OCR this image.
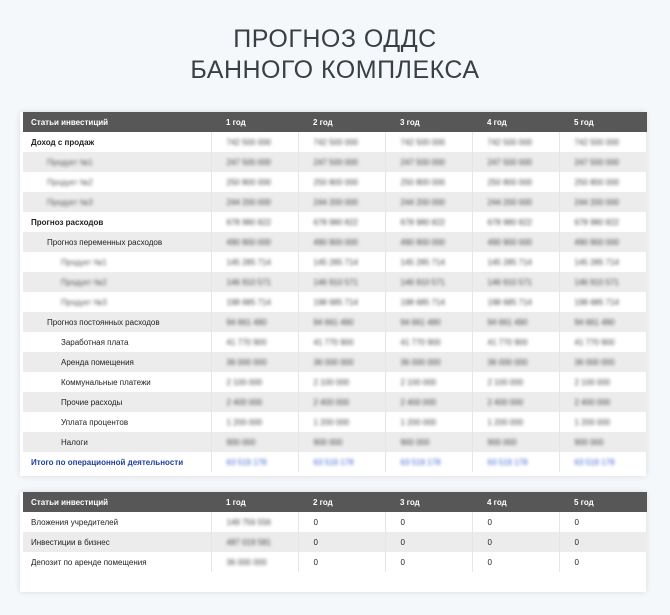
ПРОГНОЗ ОДДС
БАННОГО КОМПЛЕКСА
Статьи инвестиций	1 год	2 год	3 год	4 год	5 год
Доход с продаж	742 500 000	742 500 000	742 500 000	742 500 000	742 500 000
Продукт №1	247 500 000	247 500 000	247 500 000	247 500 000	247 500 000
Продукт №2	250 800 000	250 800 000	250 800 000	250 800 000	250 800 000
Продукт №3	244 200 000	244 200 000	244 200 000	244 200 000	244 200 000
Прогноз расходов	678 980 822	678 980 822	678 980 822	678 980 822	678 980 822
Прогноз переменных расходов	490 900 000	490 900 000	490 900 000	490 900 000	490 900 000
Продукт №1	145 285 714	145 285 714	145 285 714	145 285 714	145 285 714
Продукт №2	146 910 571	146 910 571	146 910 571	146 910 571	146 910 571
Продукт №3	198 685 714	198 685 714	198 685 714	198 685 714	198 685 714
Прогноз постоянных расходов	94 661 490	94 661 490	94 661 490	94 661 490	94 661 490
Заработная плата	41 770 900	41 770 900	41 770 900	41 770 900	41 770 900
Аренда помещения	36 000 000	36 000 000	36 000 000	36 000 000	36 000 000
Коммунальные платежи	2 100 000	2 100 000	2 100 000	2 100 000	2 100 000
Прочие расходы	2 400 000	2 400 000	2 400 000	2 400 000	2 400 000
Уплата процентов	1 200 000	1 200 000	1 200 000	1 200 000	1 200 000
Налоги	900 000	900 000	900 000	900 000	900 000
Итого по операционной деятельности	63 519 178	63 519 178	63 519 178	63 519 178	63 519 178
Статьи инвестиций	1 год	2 год	3 год	4 год	5 год
Вложения учредителей	149 756 556	0	0	0	0
Инвестиции в бизнес	487 019 581	0	0	0	0
Депозит по аренде помещения	36 000 000	0	0	0	0
